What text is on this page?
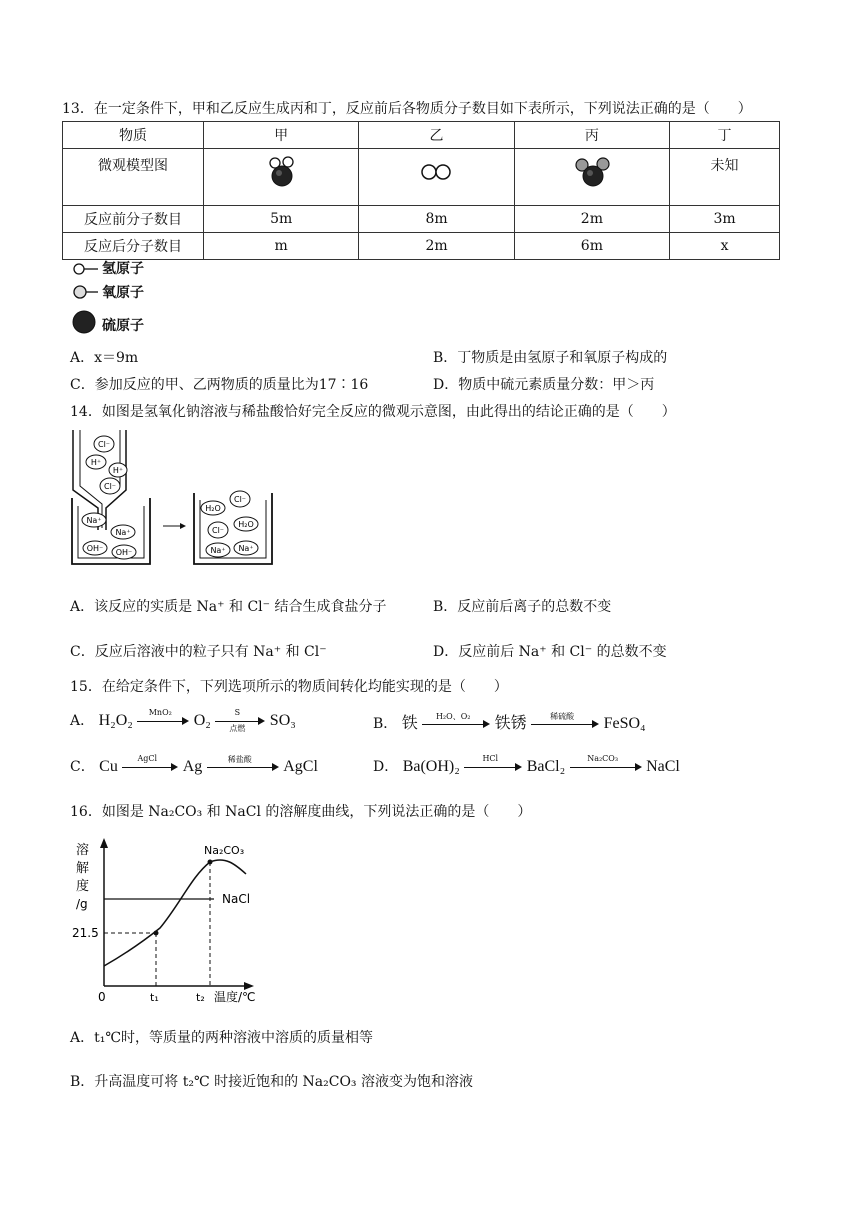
13．在一定条件下，甲和乙反应生成丙和丁，反应前后各物质分子数目如下表所示，下列说法正确的是（　　）
物质	甲	乙	丙	丁
微观模型图				未知
反应前分子数目	5m	8m	2m	3m
反应后分子数目	m	2m	6m	x
氢原子
氧原子
硫原子
A．x＝9m	B．丁物质是由氢原子和氧原子构成的
C．参加反应的甲、乙两物质的质量比为17∶16	D．物质中硫元素质量分数：甲＞丙
14．如图是氢氧化钠溶液与稀盐酸恰好完全反应的微观示意图，由此得出的结论正确的是（　　）
Cl⁻
H⁺
H⁺
Cl⁻
Na⁺
Na⁺
OH⁻ OH⁻
Cl⁻
H₂O
Cl⁻
H₂O
Na⁺ Na⁺
A．该反应的实质是 Na⁺ 和 Cl⁻ 结合生成食盐分子	B．反应前后离子的总数不变
C．反应后溶液中的粒子只有 Na⁺ 和 Cl⁻	D．反应前后 Na⁺ 和 Cl⁻ 的总数不变
15．在给定条件下，下列选项所示的物质间转化均能实现的是（　　）
A． H₂O₂	MnO₂	O₂	S
点燃	SO₃	B． 铁	H₂O、O₂	铁锈	稀硫酸	FeSO₄
C． Cu	AgCl	Ag	稀盐酸	AgCl	D． Ba(OH)₂	HCl	BaCl₂	Na₂CO₃	NaCl
16．如图是 Na₂CO₃ 和 NaCl 的溶解度曲线，下列说法正确的是（　　）
溶
解
度
/g	NaCl
Na₂CO₃
21.5
0	t₁	t₂ 温度/℃
A．t₁℃时，等质量的两种溶液中溶质的质量相等
B．升高温度可将 t₂℃ 时接近饱和的 Na₂CO₃ 溶液变为饱和溶液
